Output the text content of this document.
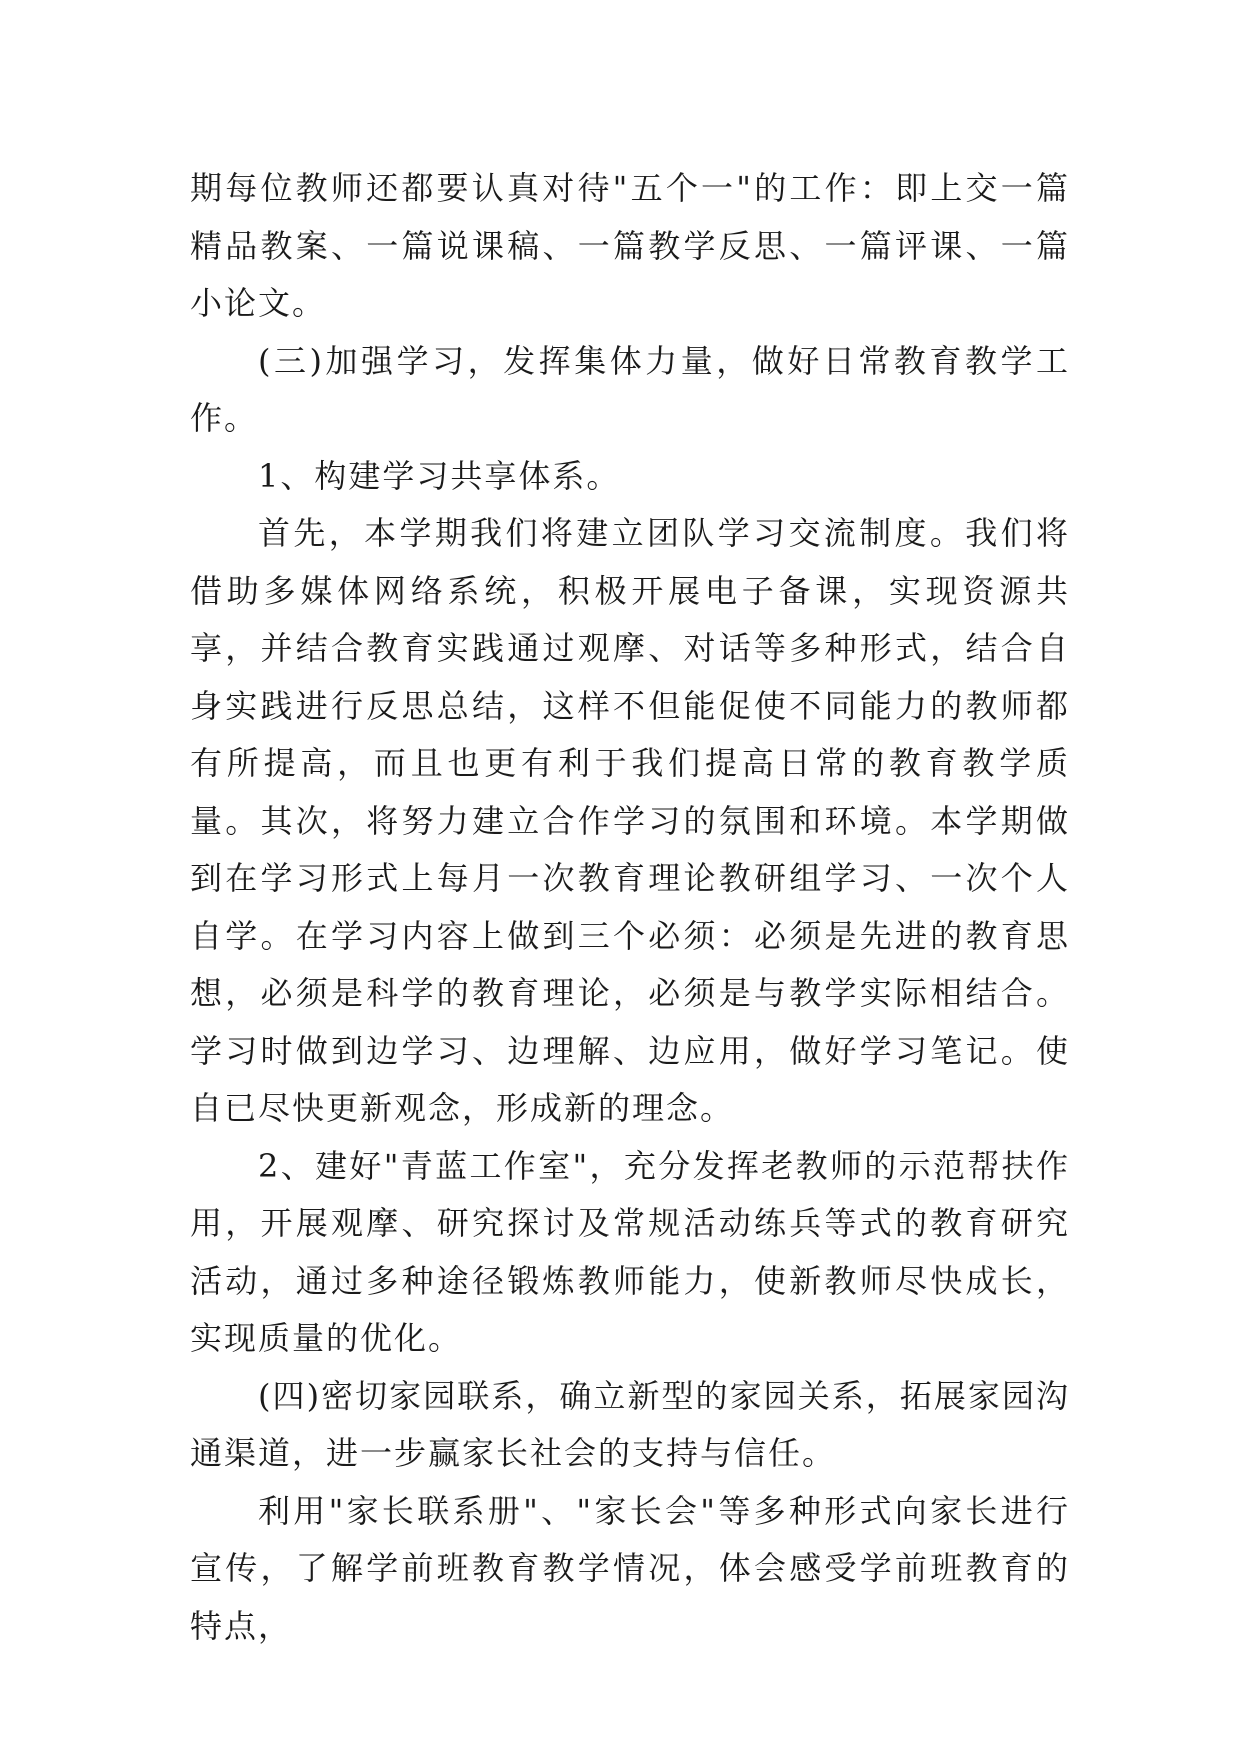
期每位教师还都要认真对待"五个一"的工作：即上交一篇精品教案、一篇说课稿、一篇教学反思、一篇评课、一篇小论文。

(三)加强学习，发挥集体力量，做好日常教育教学工作。

1、构建学习共享体系。

首先，本学期我们将建立团队学习交流制度。我们将借助多媒体网络系统，积极开展电子备课，实现资源共享，并结合教育实践通过观摩、对话等多种形式，结合自身实践进行反思总结，这样不但能促使不同能力的教师都有所提高，而且也更有利于我们提高日常的教育教学质量。其次，将努力建立合作学习的氛围和环境。本学期做到在学习形式上每月一次教育理论教研组学习、一次个人自学。在学习内容上做到三个必须：必须是先进的教育思想，必须是科学的教育理论，必须是与教学实际相结合。学习时做到边学习、边理解、边应用，做好学习笔记。使自已尽快更新观念，形成新的理念。

2、建好"青蓝工作室"，充分发挥老教师的示范帮扶作用，开展观摩、研究探讨及常规活动练兵等式的教育研究活动，通过多种途径锻炼教师能力，使新教师尽快成长，实现质量的优化。

(四)密切家园联系，确立新型的家园关系，拓展家园沟通渠道，进一步赢家长社会的支持与信任。

利用"家长联系册"、"家长会"等多种形式向家长进行宣传，了解学前班教育教学情况，体会感受学前班教育的特点，
